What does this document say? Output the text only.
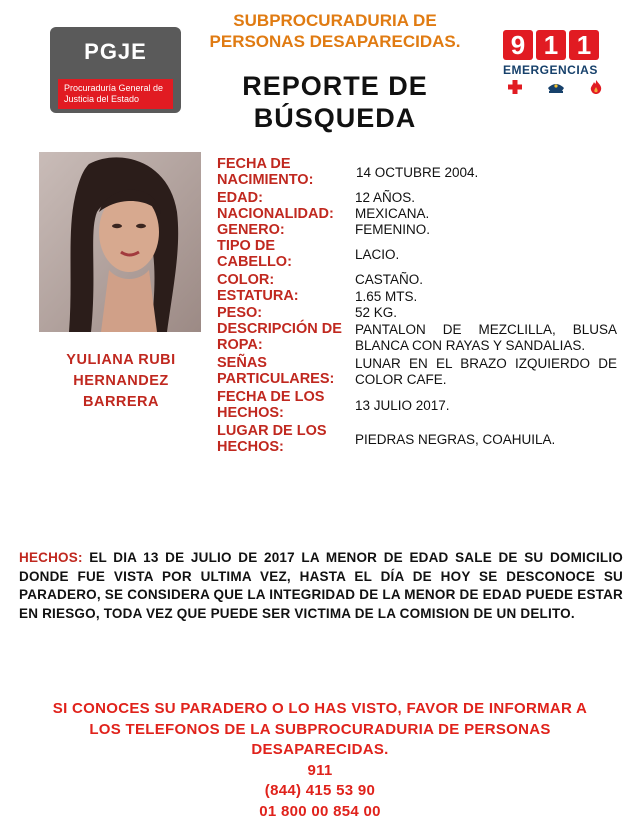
PGJE
Procuraduría General de Justicia del Estado
SUBPROCURADURIA DE PERSONAS DESAPARECIDAS.
REPORTE DE
BÚSQUEDA
9 1 1
EMERGENCIAS
YULIANA RUBI
HERNANDEZ
BARRERA
FECHA DE NACIMIENTO:	14 OCTUBRE 2004.
EDAD:	12 AÑOS.
NACIONALIDAD:	MEXICANA.
GENERO:	FEMENINO.
TIPO DE CABELLO:	LACIO.
COLOR:	CASTAÑO.
ESTATURA:	1.65 MTS.
PESO:	52 KG.
DESCRIPCIÓN DE ROPA:
PANTALON DE MEZCLILLA, BLUSA BLANCA CON RAYAS Y SANDALIAS.
SEÑAS PARTICULARES:
LUNAR EN EL BRAZO IZQUIERDO DE COLOR CAFE.
FECHA DE LOS HECHOS:	13 JULIO 2017.
LUGAR DE LOS HECHOS:	PIEDRAS NEGRAS, COAHUILA.
HECHOS: EL DIA 13 DE JULIO DE 2017 LA MENOR DE EDAD SALE DE SU DOMICILIO DONDE FUE VISTA POR ULTIMA VEZ, HASTA EL DÍA DE HOY SE DESCONOCE SU PARADERO, SE CONSIDERA QUE LA INTEGRIDAD DE LA MENOR DE EDAD PUEDE ESTAR EN RIESGO, TODA VEZ QUE PUEDE SER VICTIMA DE LA COMISION DE UN DELITO.
SI CONOCES SU PARADERO O LO HAS VISTO, FAVOR DE INFORMAR A
LOS TELEFONOS DE LA SUBPROCURADURIA DE PERSONAS
DESAPARECIDAS.
911
(844) 415 53 90
01 800 00 854 00
